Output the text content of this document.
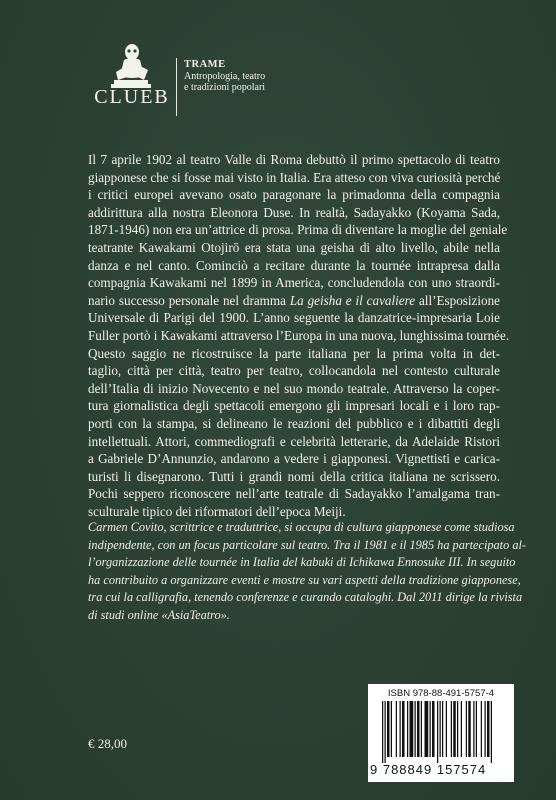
CLUEB
TRAME
Antropologia, teatro
e tradizioni popolari
Il 7 aprile 1902 al teatro Valle di Roma debuttò il primo spettacolo di teatro
giapponese che si fosse mai visto in Italia. Era atteso con viva curiosità perché
i critici europei avevano osato paragonare la primadonna della compagnia
addirittura alla nostra Eleonora Duse. In realtà, Sadayakko (Koyama Sada,
1871-1946) non era un’attrice di prosa. Prima di diventare la moglie del geniale
teatrante Kawakami Otojirō era stata una geisha di alto livello, abile nella
danza e nel canto. Cominciò a recitare durante la tournée intrapresa dalla
compagnia Kawakami nel 1899 in America, concludendola con uno straordi-
nario successo personale nel dramma La geisha e il cavaliere all’Esposizione
Universale di Parigi del 1900. L’anno seguente la danzatrice-impresaria Loie
Fuller portò i Kawakami attraverso l’Europa in una nuova, lunghissima tournée.
Questo saggio ne ricostruisce la parte italiana per la prima volta in det-
taglio, città per città, teatro per teatro, collocandola nel contesto culturale
dell’Italia di inizio Novecento e nel suo mondo teatrale. Attraverso la coper-
tura giornalistica degli spettacoli emergono gli impresari locali e i loro rap-
porti con la stampa, si delineano le reazioni del pubblico e i dibattiti degli
intellettuali. Attori, commediografi e celebrità letterarie, da Adelaide Ristori
a Gabriele D’Annunzio, andarono a vedere i giapponesi. Vignettisti e carica-
turisti li disegnarono. Tutti i grandi nomi della critica italiana ne scrissero.
Pochi seppero riconoscere nell’arte teatrale di Sadayakko l’amalgama tran-
sculturale tipico dei riformatori dell’epoca Meiji.
Carmen Covito, scrittrice e traduttrice, si occupa di cultura giapponese come studiosa
indipendente, con un focus particolare sul teatro. Tra il 1981 e il 1985 ha partecipato al-
l’organizzazione delle tournée in Italia del kabuki di Ichikawa Ennosuke III. In seguito
ha contribuito a organizzare eventi e mostre su vari aspetti della tradizione giapponese,
tra cui la calligrafia, tenendo conferenze e curando cataloghi. Dal 2011 dirige la rivista
di studi online «AsiaTeatro».
€ 28,00
ISBN 978-88-491-5757-4
9 788849 157574
